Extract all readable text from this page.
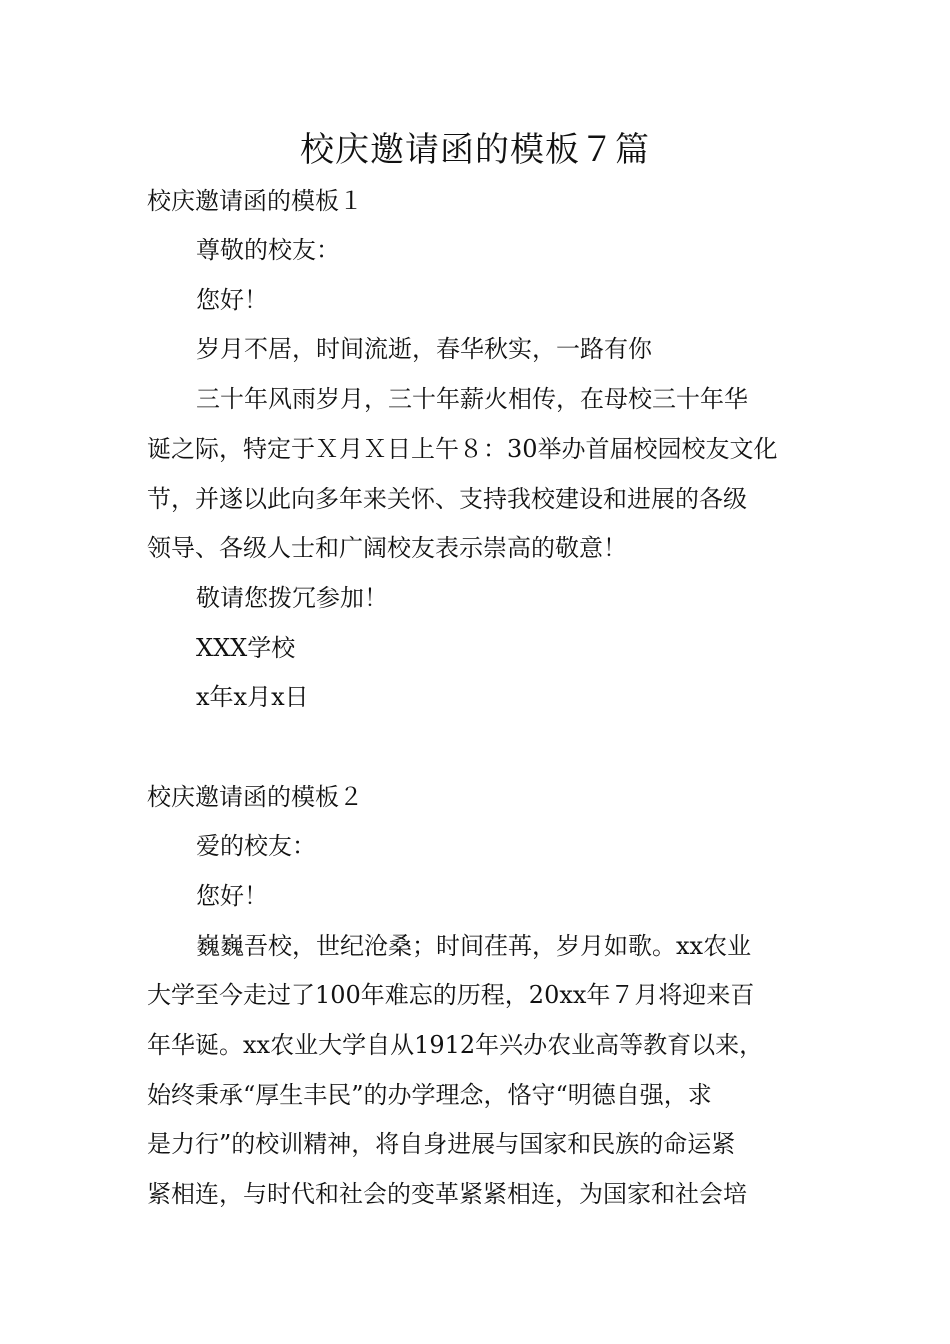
校庆邀请函的模板７篇

校庆邀请函的模板１

尊敬的校友：

您好！

岁月不居，时间流逝，春华秋实，一路有你

三十年风雨岁月，三十年薪火相传，在母校三十年华

诞之际，特定于Ｘ月Ｘ日上午８：30举办首届校园校友文化

节，并遂以此向多年来关怀、支持我校建设和进展的各级

领导、各级人士和广阔校友表示崇高的敬意！

敬请您拨冗参加！

XXX学校

x年x月x日

校庆邀请函的模板２

爱的校友：

您好！

巍巍吾校，世纪沧桑；时间荏苒，岁月如歌。xx农业

大学至今走过了100年难忘的历程，20xx年７月将迎来百

年华诞。xx农业大学自从1912年兴办农业高等教育以来，

始终秉承“厚生丰民”的办学理念，恪守“明德自强，求

是力行”的校训精神，将自身进展与国家和民族的命运紧

紧相连，与时代和社会的变革紧紧相连，为国家和社会培
